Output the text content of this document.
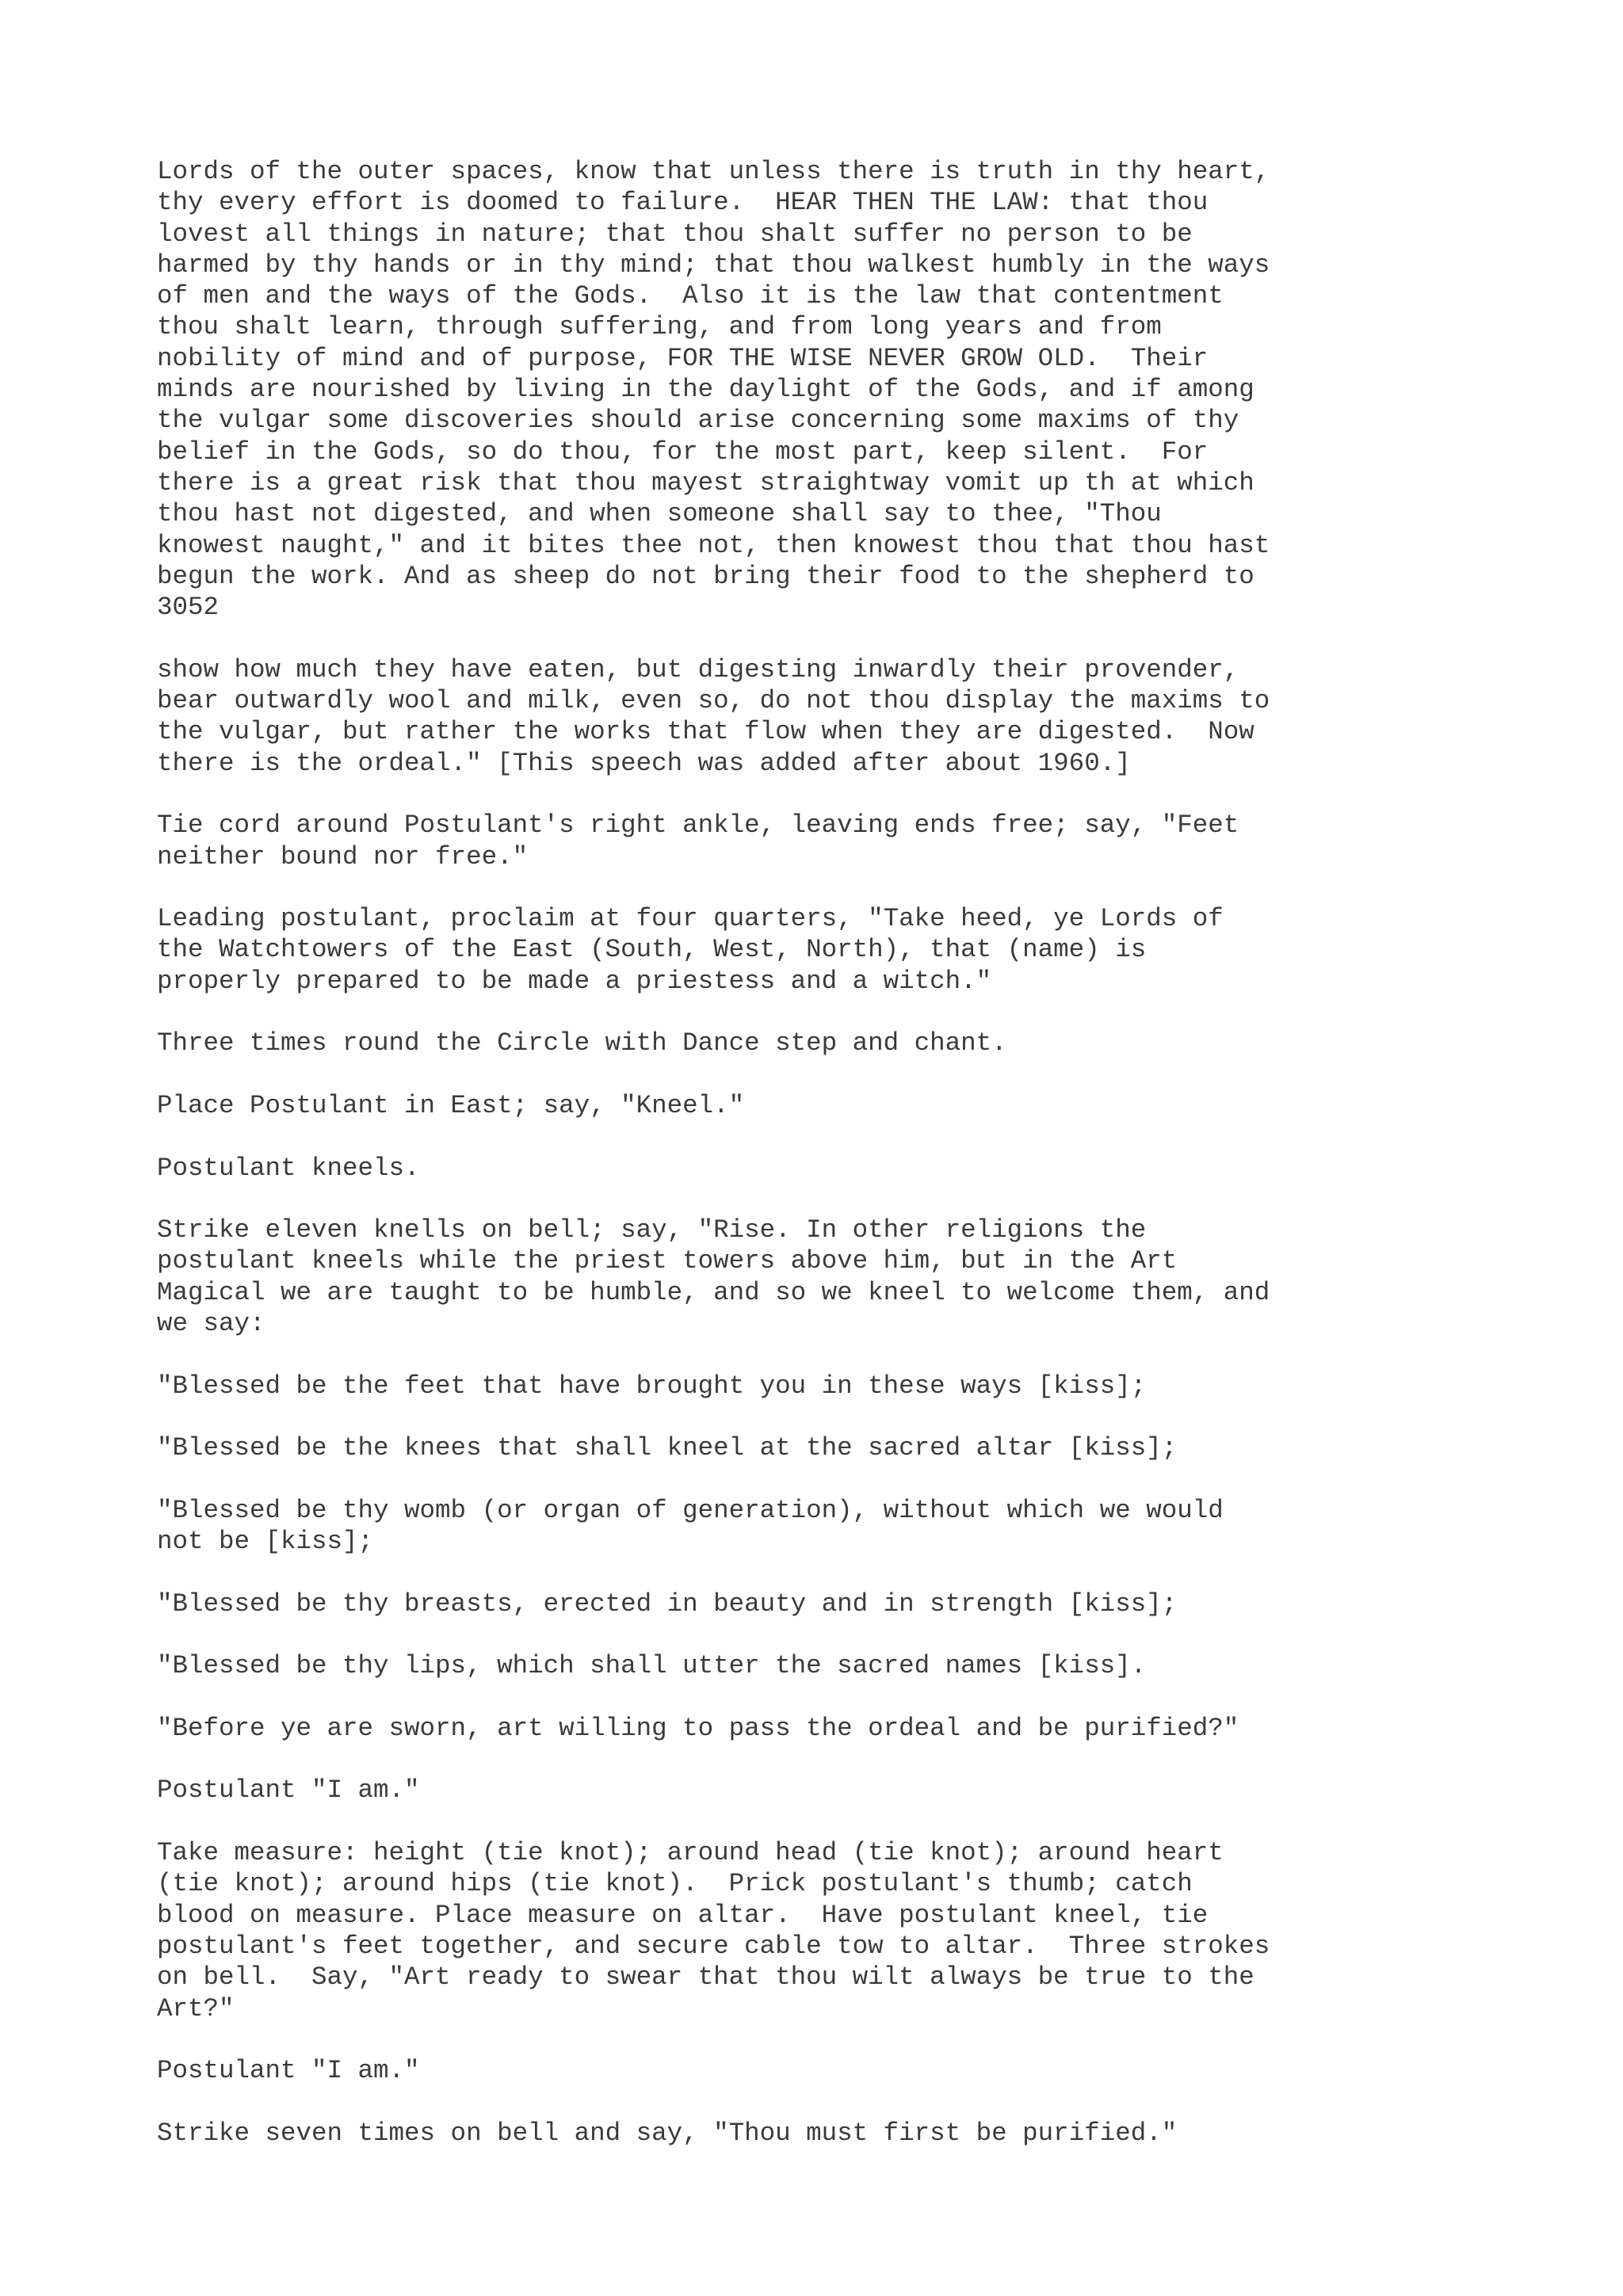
Lords of the outer spaces, know that unless there is truth in thy heart,
thy every effort is doomed to failure.  HEAR THEN THE LAW: that thou
lovest all things in nature; that thou shalt suffer no person to be
harmed by thy hands or in thy mind; that thou walkest humbly in the ways
of men and the ways of the Gods.  Also it is the law that contentment
thou shalt learn, through suffering, and from long years and from
nobility of mind and of purpose, FOR THE WISE NEVER GROW OLD.  Their
minds are nourished by living in the daylight of the Gods, and if among
the vulgar some discoveries should arise concerning some maxims of thy
belief in the Gods, so do thou, for the most part, keep silent.  For
there is a great risk that thou mayest straightway vomit up th at which
thou hast not digested, and when someone shall say to thee, "Thou
knowest naught," and it bites thee not, then knowest thou that thou hast
begun the work. And as sheep do not bring their food to the shepherd to
3052

show how much they have eaten, but digesting inwardly their provender,
bear outwardly wool and milk, even so, do not thou display the maxims to
the vulgar, but rather the works that flow when they are digested.  Now
there is the ordeal." [This speech was added after about 1960.]

Tie cord around Postulant's right ankle, leaving ends free; say, "Feet
neither bound nor free."

Leading postulant, proclaim at four quarters, "Take heed, ye Lords of
the Watchtowers of the East (South, West, North), that (name) is
properly prepared to be made a priestess and a witch."

Three times round the Circle with Dance step and chant.

Place Postulant in East; say, "Kneel."

Postulant kneels.

Strike eleven knells on bell; say, "Rise. In other religions the
postulant kneels while the priest towers above him, but in the Art
Magical we are taught to be humble, and so we kneel to welcome them, and
we say:

"Blessed be the feet that have brought you in these ways [kiss];

"Blessed be the knees that shall kneel at the sacred altar [kiss];

"Blessed be thy womb (or organ of generation), without which we would
not be [kiss];

"Blessed be thy breasts, erected in beauty and in strength [kiss];

"Blessed be thy lips, which shall utter the sacred names [kiss].

"Before ye are sworn, art willing to pass the ordeal and be purified?"

Postulant "I am."

Take measure: height (tie knot); around head (tie knot); around heart
(tie knot); around hips (tie knot).  Prick postulant's thumb; catch
blood on measure. Place measure on altar.  Have postulant kneel, tie
postulant's feet together, and secure cable tow to altar.  Three strokes
on bell.  Say, "Art ready to swear that thou wilt always be true to the
Art?"

Postulant "I am."

Strike seven times on bell and say, "Thou must first be purified."
